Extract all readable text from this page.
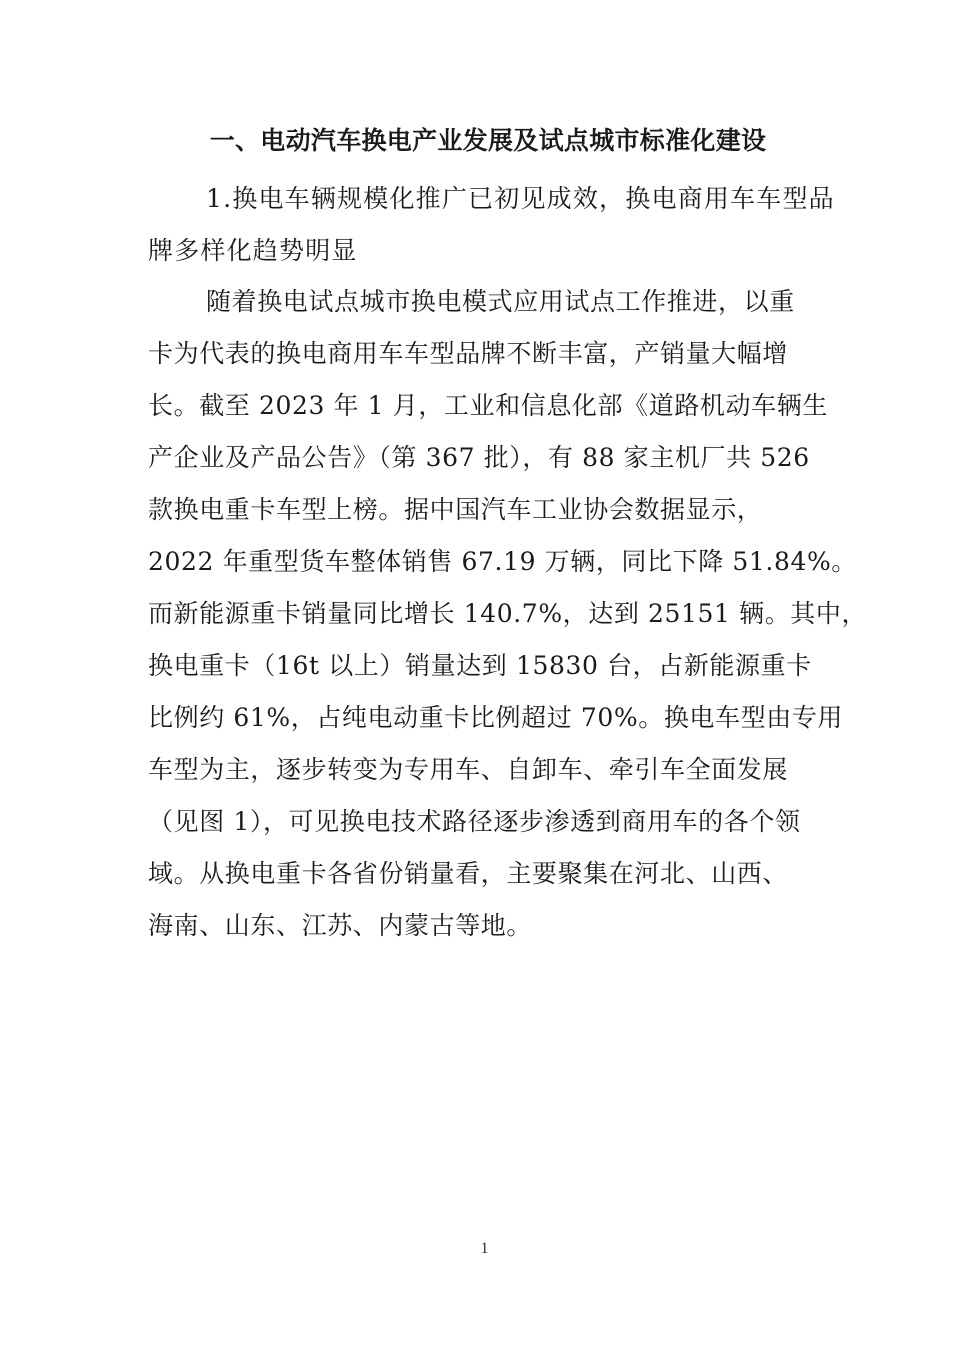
一、电动汽车换电产业发展及试点城市标准化建设
1.换电车辆规模化推广已初见成效，换电商用车车型品
牌多样化趋势明显
随着换电试点城市换电模式应用试点工作推进，以重
卡为代表的换电商用车车型品牌不断丰富，产销量大幅增
长。截至 2023 年 1 月，工业和信息化部《道路机动车辆生
产企业及产品公告》（第 367 批），有 88 家主机厂共 526
款换电重卡车型上榜。据中国汽车工业协会数据显示，
2022 年重型货车整体销售 67.19 万辆，同比下降 51.84%。
而新能源重卡销量同比增长 140.7%，达到 25151 辆。其中，
换电重卡（16t 以上）销量达到 15830 台，占新能源重卡
比例约 61%，占纯电动重卡比例超过 70%。换电车型由专用
车型为主，逐步转变为专用车、自卸车、牵引车全面发展
（见图 1），可见换电技术路径逐步渗透到商用车的各个领
域。从换电重卡各省份销量看，主要聚集在河北、山西、
海南、山东、江苏、内蒙古等地。
1
